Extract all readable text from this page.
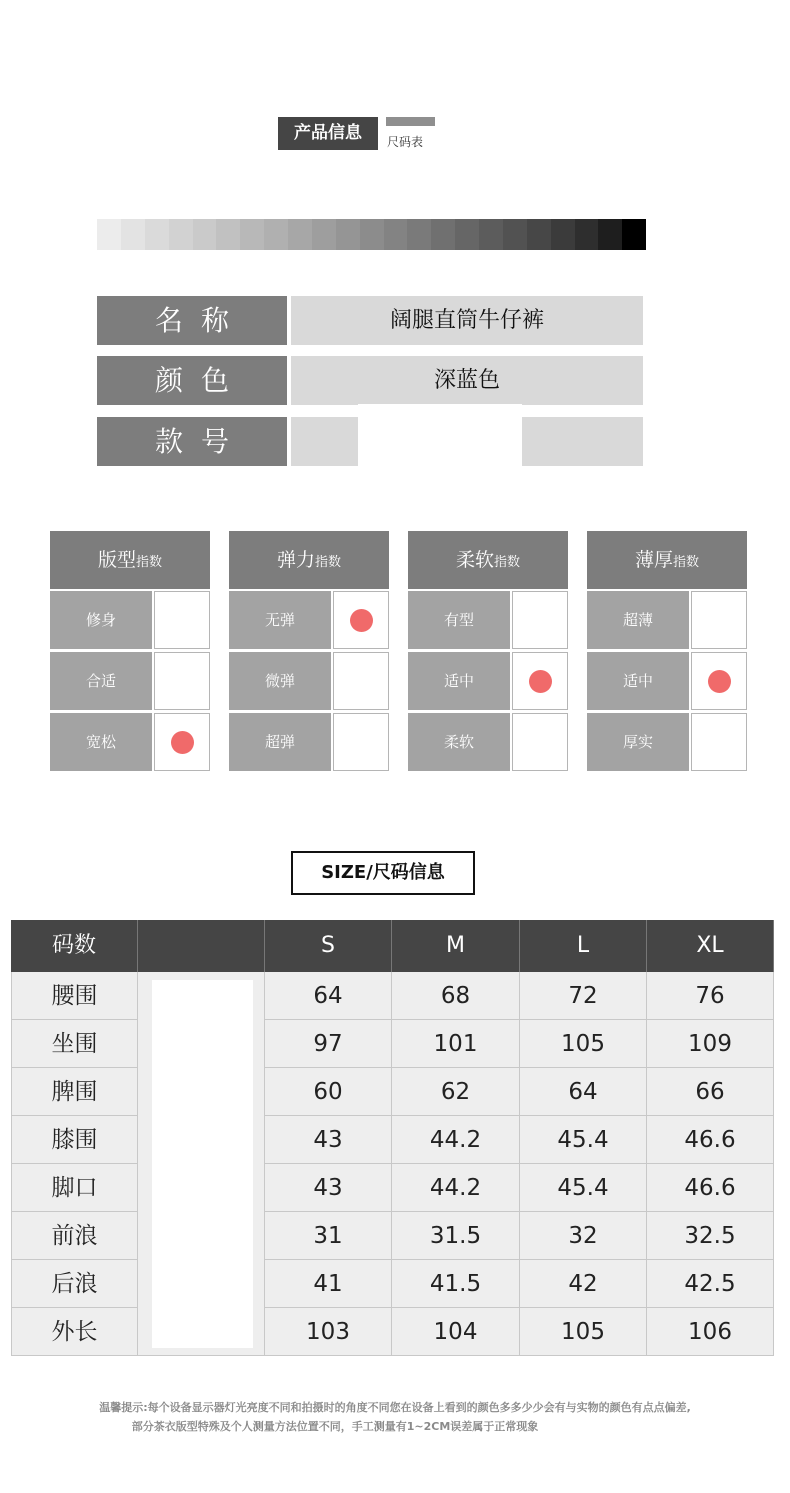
产品信息	尺码表
名称	阔腿直筒牛仔裤
颜色	深蓝色
款号
版型指数
修身
合适
宽松
弹力指数
无弹
微弹
超弹
柔软指数
有型
适中
柔软
薄厚指数
超薄
适中
厚实
SIZE/尺码信息
码数	S	M	L	XL
腰围	64	68	72	76
坐围	97	101	105	109
脾围	60	62	64	66
膝围	43	44.2	45.4	46.6
脚口	43	44.2	45.4	46.6
前浪	31	31.5	32	32.5
后浪	41	41.5	42	42.5
外长	103	104	105	106
温馨提示:每个设备显示器灯光亮度不同和拍摄时的角度不同您在设备上看到的颜色多多少少会有与实物的颜色有点点偏差,
部分茶衣版型特殊及个人测量方法位置不同，手工测量有1~2CM误差属于正常现象
